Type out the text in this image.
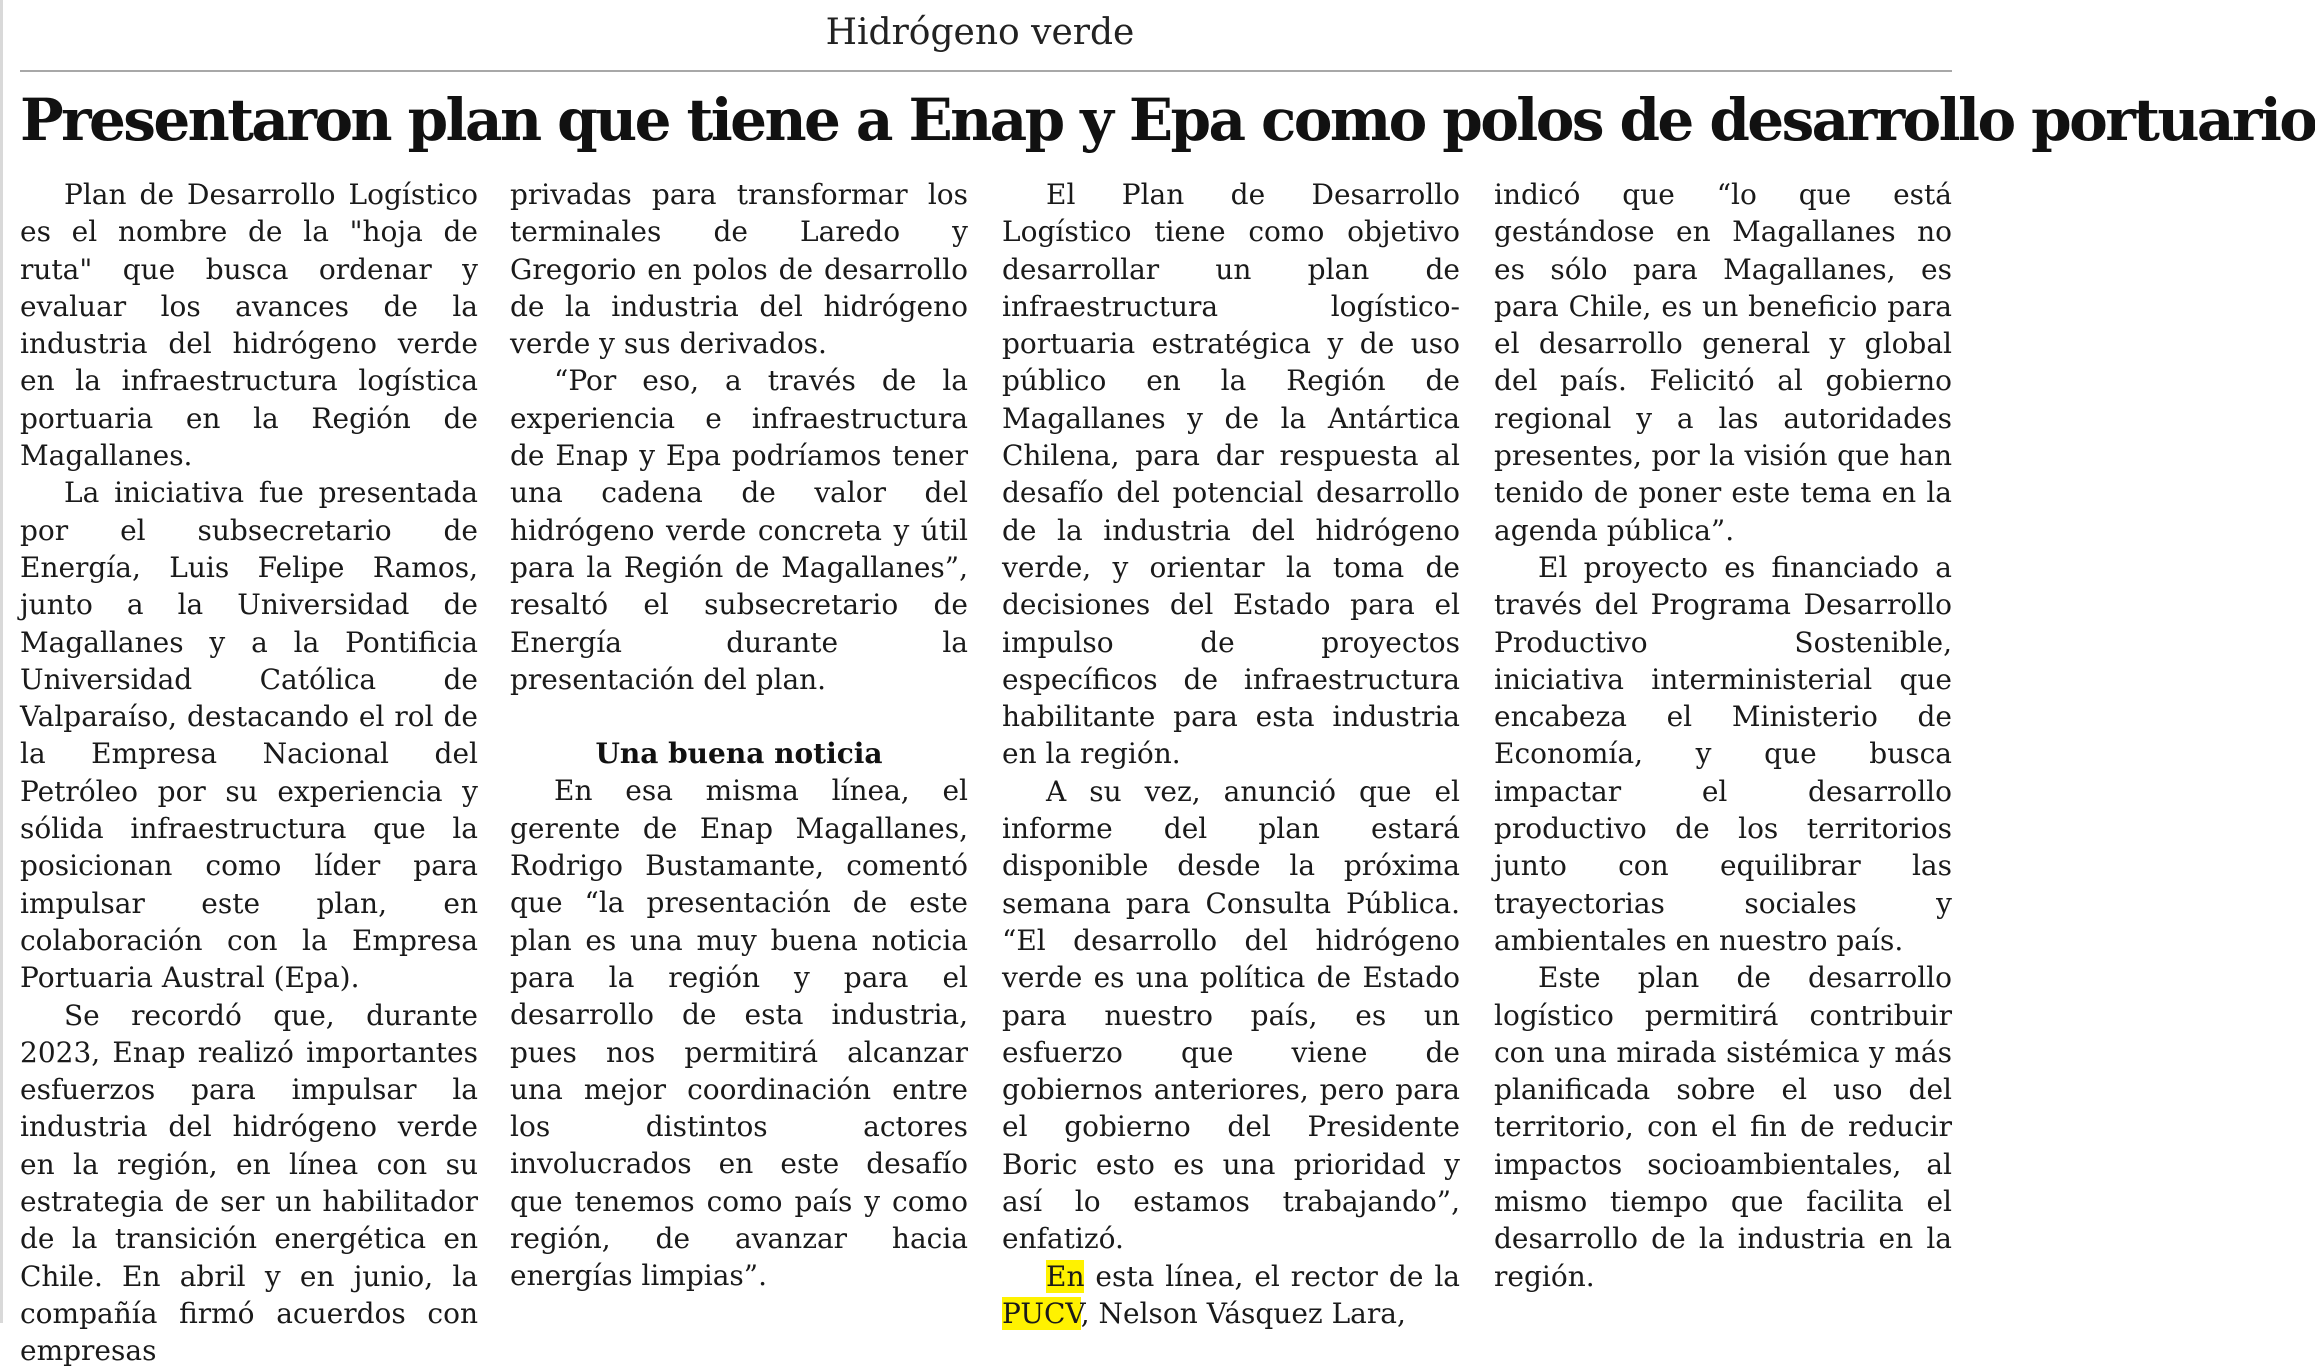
Hidrógeno verde
Presentaron plan que tiene a Enap y Epa como polos de desarrollo portuario

Plan de Desarrollo Logístico es el nombre de la "hoja de ruta" que busca ordenar y evaluar los avances de la industria del hidrógeno verde en la infraestructura logística portuaria en la Región de Magallanes.

La iniciativa fue presentada por el subsecretario de Energía, Luis Felipe Ramos, junto a la Universidad de Magallanes y a la Pontificia Universidad Católica de Valparaíso, destacando el rol de la Empresa Nacional del Petróleo por su experiencia y sólida infraestructura que la posicionan como líder para impulsar este plan, en colaboración con la Empresa Portuaria Austral (Epa).

Se recordó que, durante 2023, Enap realizó importantes esfuerzos para impulsar la industria del hidrógeno verde en la región, en línea con su estrategia de ser un habilitador de la transición energética en Chile. En abril y en junio, la compañía firmó acuerdos con empresas

privadas para transformar los terminales de Laredo y Gregorio en polos de desarrollo de la industria del hidrógeno verde y sus derivados.

“Por eso, a través de la experiencia e infraestructura de Enap y Epa podríamos tener una cadena de valor del hidrógeno verde concreta y útil para la Región de Magallanes”, resaltó el subsecretario de Energía durante la presentación del plan.

Una buena noticia

En esa misma línea, el gerente de Enap Magallanes, Rodrigo Bustamante, comentó que “la presentación de este plan es una muy buena noticia para la región y para el desarrollo de esta industria, pues nos permitirá alcanzar una mejor coordinación entre los distintos actores involucrados en este desafío que tenemos como país y como región, de avanzar hacia energías limpias”.

El Plan de Desarrollo Logístico tiene como objetivo desarrollar un plan de infraestructura logístico-portuaria estratégica y de uso público en la Región de Magallanes y de la Antártica Chilena, para dar respuesta al desafío del potencial desarrollo de la industria del hidrógeno verde, y orientar la toma de decisiones del Estado para el impulso de proyectos específicos de infraestructura habilitante para esta industria en la región.

A su vez, anunció que el informe del plan estará disponible desde la próxima semana para Consulta Pública. “El desarrollo del hidrógeno verde es una política de Estado para nuestro país, es un esfuerzo que viene de gobiernos anteriores, pero para el gobierno del Presidente Boric esto es una prioridad y así lo estamos trabajando”, enfatizó.

En esta línea, el rector de la PUCV, Nelson Vásquez Lara,

indicó que “lo que está gestándose en Magallanes no es sólo para Magallanes, es para Chile, es un beneficio para el desarrollo general y global del país. Felicitó al gobierno regional y a las autoridades presentes, por la visión que han tenido de poner este tema en la agenda pública”.

El proyecto es financiado a través del Programa Desarrollo Productivo Sostenible, iniciativa interministerial que encabeza el Ministerio de Economía, y que busca impactar el desarrollo productivo de los territorios junto con equilibrar las trayectorias sociales y ambientales en nuestro país.

Este plan de desarrollo logístico permitirá contribuir con una mirada sistémica y más planificada sobre el uso del territorio, con el fin de reducir impactos socioambientales, al mismo tiempo que facilita el desarrollo de la industria en la región.
